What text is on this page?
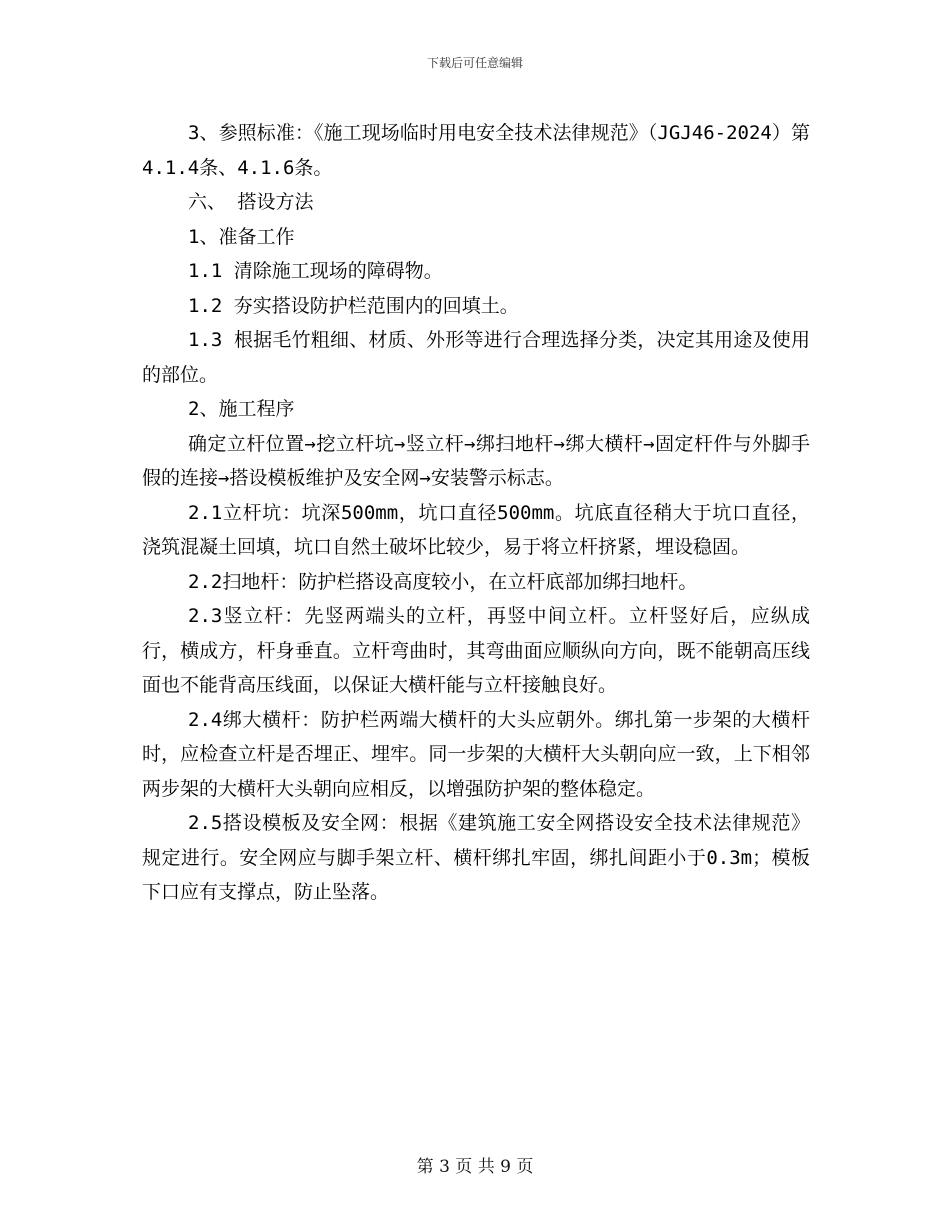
下载后可任意编辑

3、参照标准：《施工现场临时用电安全技术法律规范》（JGJ46-2024）第4.1.4条、4.1.6条。

六、 搭设方法

1、准备工作

1.1 清除施工现场的障碍物。

1.2 夯实搭设防护栏范围内的回填土。

1.3 根据毛竹粗细、材质、外形等进行合理选择分类，决定其用途及使用的部位。

2、施工程序

确定立杆位置→挖立杆坑→竖立杆→绑扫地杆→绑大横杆→固定杆件与外脚手假的连接→搭设模板维护及安全网→安装警示标志。

2.1立杆坑：坑深500mm，坑口直径500mm。坑底直径稍大于坑口直径，浇筑混凝土回填，坑口自然土破坏比较少，易于将立杆挤紧，埋设稳固。

2.2扫地杆：防护栏搭设高度较小，在立杆底部加绑扫地杆。

2.3竖立杆：先竖两端头的立杆，再竖中间立杆。立杆竖好后，应纵成行，横成方，杆身垂直。立杆弯曲时，其弯曲面应顺纵向方向，既不能朝高压线面也不能背高压线面，以保证大横杆能与立杆接触良好。

2.4绑大横杆：防护栏两端大横杆的大头应朝外。绑扎第一步架的大横杆时，应检查立杆是否埋正、埋牢。同一步架的大横杆大头朝向应一致，上下相邻两步架的大横杆大头朝向应相反，以增强防护架的整体稳定。

2.5搭设模板及安全网：根据《建筑施工安全网搭设安全技术法律规范》规定进行。安全网应与脚手架立杆、横杆绑扎牢固，绑扎间距小于0.3m；模板下口应有支撑点，防止坠落。

第 3 页 共 9 页
